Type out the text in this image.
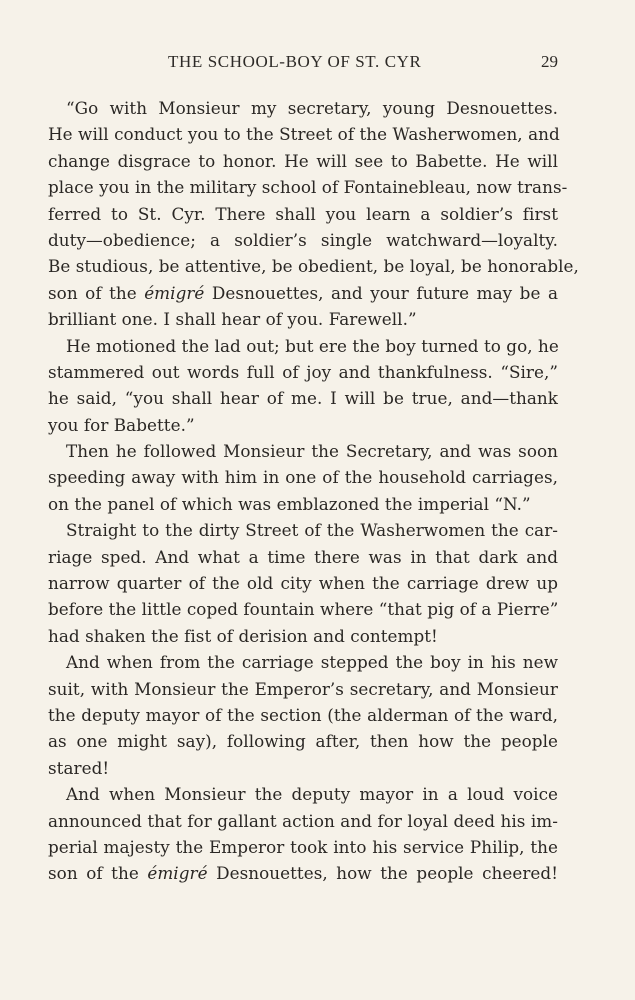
THE SCHOOL-BOY OF ST. CYR	29
“Go with Monsieur my secretary, young Desnouettes.
He will conduct you to the Street of the Washerwomen, and
change disgrace to honor. He will see to Babette. He will
place you in the military school of Fontainebleau, now trans-
ferred to St. Cyr. There shall you learn a soldier’s first
duty—obedience; a soldier’s single watchward—loyalty.
Be studious, be attentive, be obedient, be loyal, be honorable,
son of the émigré Desnouettes, and your future may be a
brilliant one. I shall hear of you. Farewell.”
He motioned the lad out; but ere the boy turned to go, he
stammered out words full of joy and thankfulness. “Sire,”
he said, “you shall hear of me. I will be true, and—thank
you for Babette.”
Then he followed Monsieur the Secretary, and was soon
speeding away with him in one of the household carriages,
on the panel of which was emblazoned the imperial “N.”
Straight to the dirty Street of the Washerwomen the car-
riage sped. And what a time there was in that dark and
narrow quarter of the old city when the carriage drew up
before the little coped fountain where “that pig of a Pierre”
had shaken the fist of derision and contempt!
And when from the carriage stepped the boy in his new
suit, with Monsieur the Emperor’s secretary, and Monsieur
the deputy mayor of the section (the alderman of the ward,
as one might say), following after, then how the people
stared!
And when Monsieur the deputy mayor in a loud voice
announced that for gallant action and for loyal deed his im-
perial majesty the Emperor took into his service Philip, the
son of the émigré Desnouettes, how the people cheered!
